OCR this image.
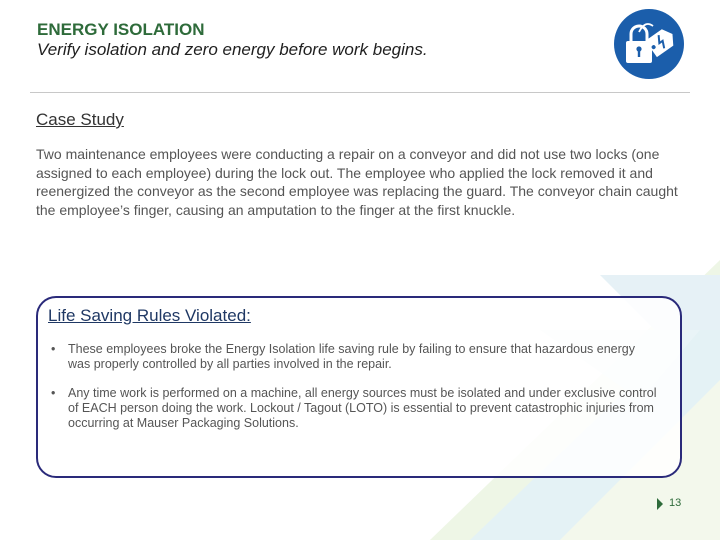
ENERGY ISOLATION
Verify isolation and zero energy before work begins.
Case Study
Two maintenance employees were conducting a repair on a conveyor and did not use two locks (one assigned to each employee) during the lock out. The employee who applied the lock removed it and reenergized the conveyor as the second employee was replacing the guard. The conveyor chain caught the employee’s finger, causing an amputation to the finger at the first knuckle.
Life Saving Rules Violated:
• These employees broke the Energy Isolation life saving rule by failing to ensure that hazardous energy was properly controlled by all parties involved in the repair.
• Any time work is performed on a machine, all energy sources must be isolated and under exclusive control of EACH person doing the work. Lockout / Tagout (LOTO) is essential to prevent catastrophic injuries from occurring at Mauser Packaging Solutions.
13
